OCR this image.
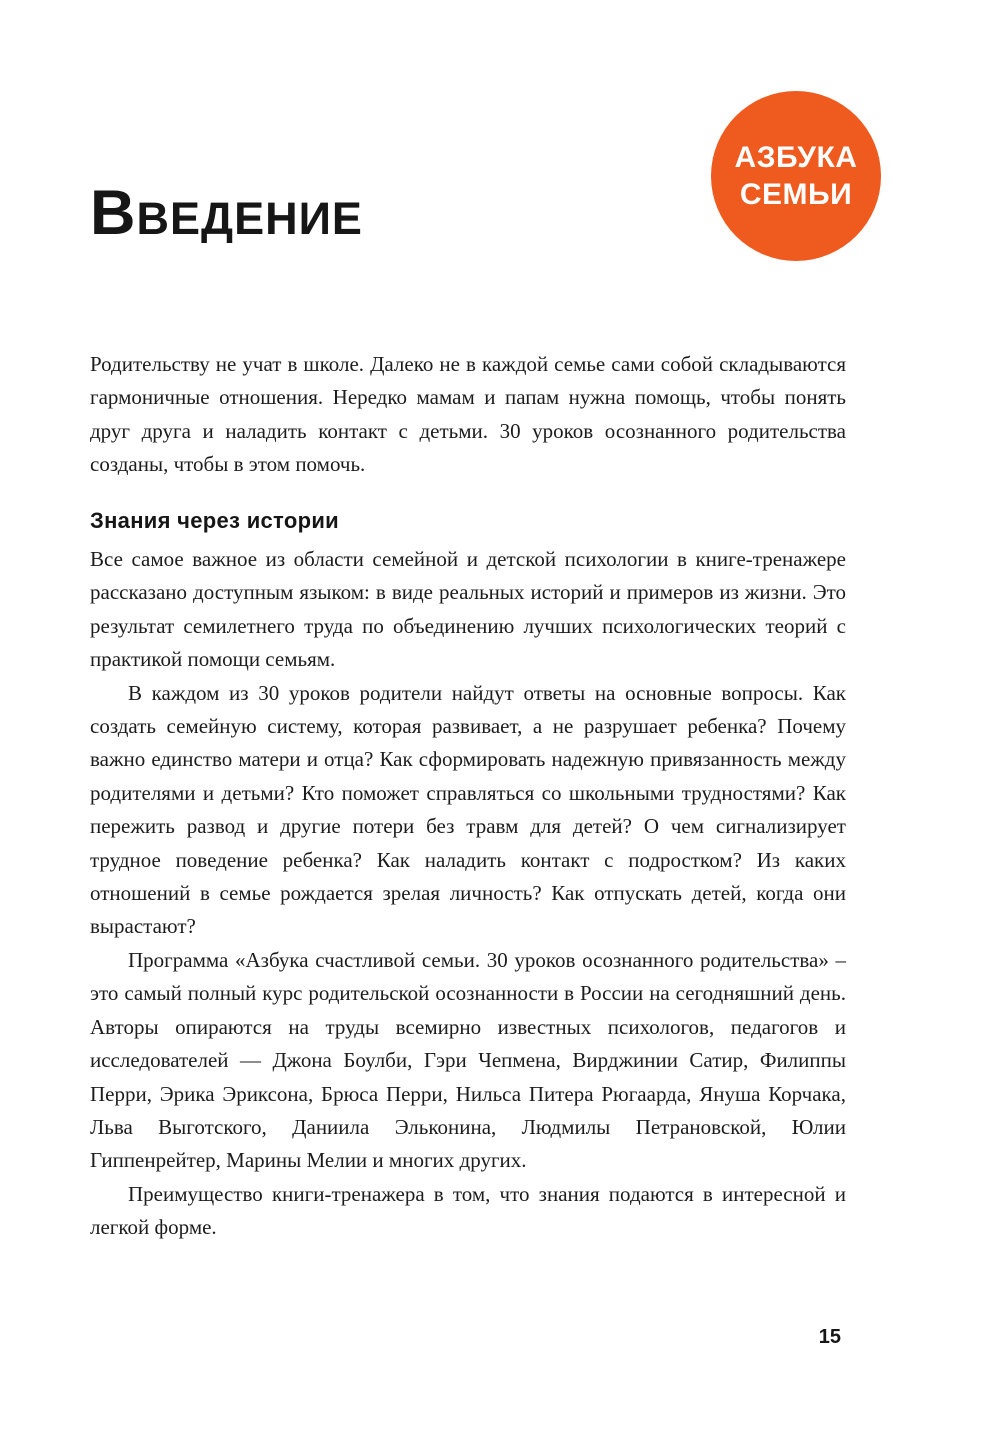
АЗБУКА
СЕМЬИ
ВВЕДЕНИЕ

Родительству не учат в школе. Далеко не в каждой семье сами собой складываются гармоничные отношения. Нередко мамам и папам нужна помощь, чтобы понять друг друга и наладить контакт с детьми. 30 уроков осознанного родительства созданы, чтобы в этом помочь.

Знания через истории

Все самое важное из области семейной и детской психологии в книге-тренажере рассказано доступным языком: в виде реальных историй и примеров из жизни. Это результат семилетнего труда по объединению лучших психологических теорий с практикой помощи семьям.

В каждом из 30 уроков родители найдут ответы на основные вопросы. Как создать семейную систему, которая развивает, а не разрушает ребенка? Почему важно единство матери и отца? Как сформировать надежную привязанность между родителями и детьми? Кто поможет справляться со школьными трудностями? Как пережить развод и другие потери без травм для детей? О чем сигнализирует трудное поведение ребенка? Как наладить контакт с подростком? Из каких отношений в семье рождается зрелая личность? Как отпускать детей, когда они вырастают?

Программа «Азбука счастливой семьи. 30 уроков осознанного родительства» – это самый полный курс родительской осознанности в России на сегодняшний день. Авторы опираются на труды всемирно известных психологов, педагогов и исследователей — Джона Боулби, Гэри Чепмена, Вирджинии Сатир, Филиппы Перри, Эрика Эриксона, Брюса Перри, Нильса Питера Рюгаарда, Януша Корчака, Льва Выготского, Даниила Эльконина, Людмилы Петрановской, Юлии Гиппенрейтер, Марины Мелии и многих других.

Преимущество книги-тренажера в том, что знания подаются в интересной и легкой форме.

15
